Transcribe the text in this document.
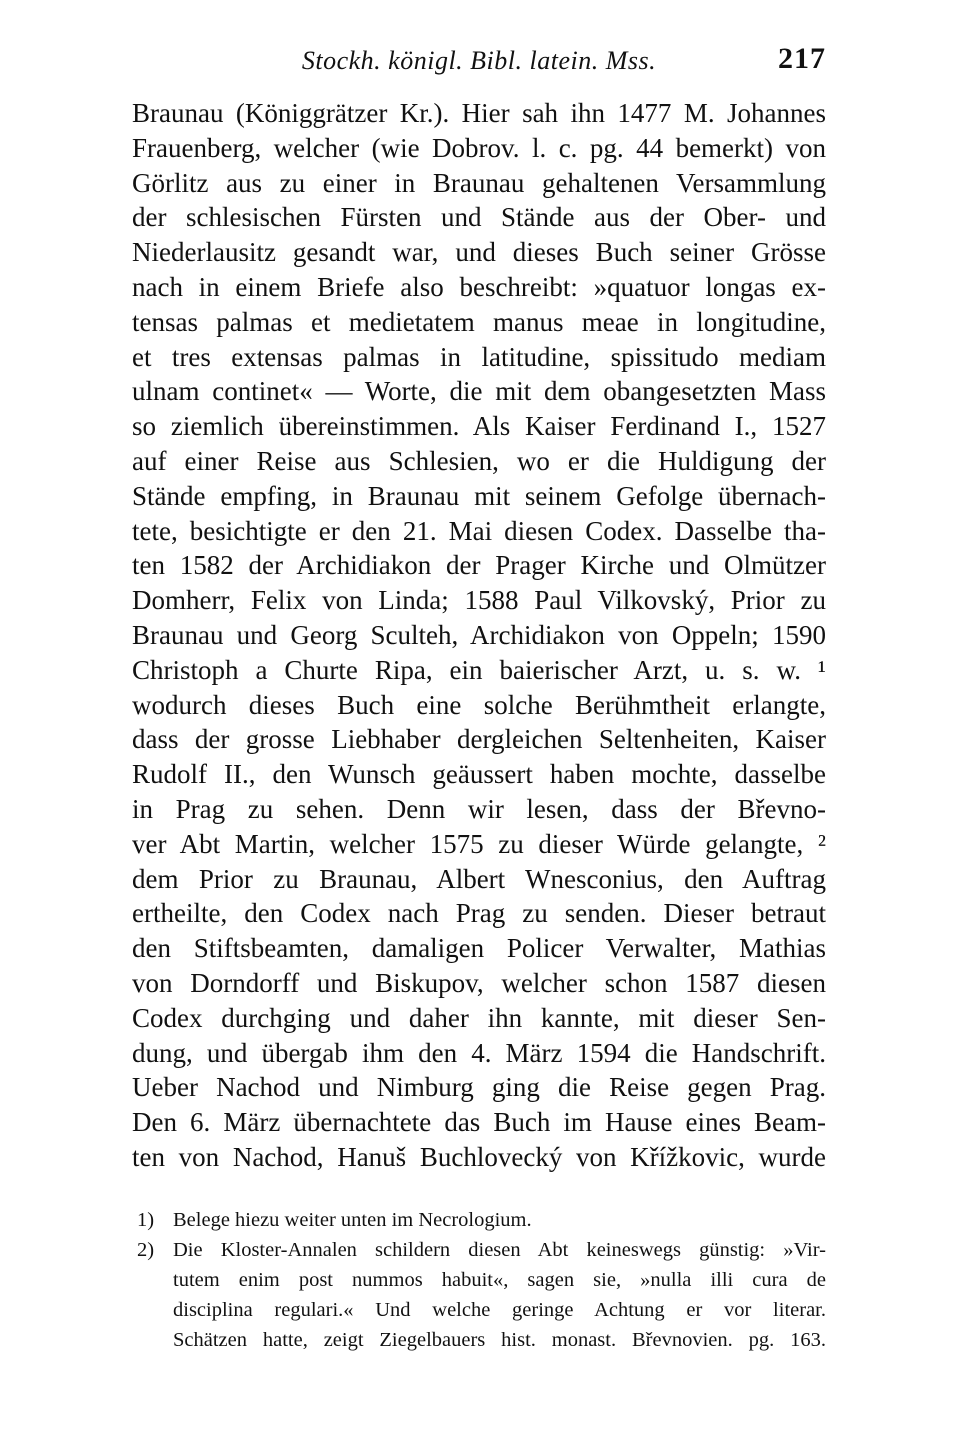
Stockh. königl. Bibl. latein. Mss.	217
Braunau (Königgrätzer Kr.). Hier sah ihn 1477 M. Johannes
Frauenberg, welcher (wie Dobrov. l. c. pg. 44 bemerkt) von
Görlitz aus zu einer in Braunau gehaltenen Versammlung
der schlesischen Fürsten und Stände aus der Ober- und
Niederlausitz gesandt war, und dieses Buch seiner Grösse
nach in einem Briefe also beschreibt: »quatuor longas ex-
tensas palmas et medietatem manus meae in longitudine,
et tres extensas palmas in latitudine, spissitudo mediam
ulnam continet« — Worte, die mit dem obangesetzten Mass
so ziemlich übereinstimmen. Als Kaiser Ferdinand I., 1527
auf einer Reise aus Schlesien, wo er die Huldigung der
Stände empfing, in Braunau mit seinem Gefolge übernach-
tete, besichtigte er den 21. Mai diesen Codex. Dasselbe tha-
ten 1582 der Archidiakon der Prager Kirche und Olmützer
Domherr, Felix von Linda; 1588 Paul Vilkovský, Prior zu
Braunau und Georg Sculteh, Archidiakon von Oppeln; 1590
Christoph a Churte Ripa, ein baierischer Arzt, u. s. w. ¹
wodurch dieses Buch eine solche Berühmtheit erlangte,
dass der grosse Liebhaber dergleichen Seltenheiten, Kaiser
Rudolf II., den Wunsch geäussert haben mochte, dasselbe
in Prag zu sehen. Denn wir lesen, dass der Břevno-
ver Abt Martin, welcher 1575 zu dieser Würde gelangte, ²
dem Prior zu Braunau, Albert Wnesconius, den Auftrag
ertheilte, den Codex nach Prag zu senden. Dieser betraut
den Stiftsbeamten, damaligen Policer Verwalter, Mathias
von Dorndorff und Biskupov, welcher schon 1587 diesen
Codex durchging und daher ihn kannte, mit dieser Sen-
dung, und übergab ihm den 4. März 1594 die Handschrift.
Ueber Nachod und Nimburg ging die Reise gegen Prag.
Den 6. März übernachtete das Buch im Hause eines Beam-
ten von Nachod, Hanuš Buchlovecký von Křížkovic, wurde
1) Belege hiezu weiter unten im Necrologium.
2) Die Kloster-Annalen schildern diesen Abt keineswegs günstig: »Vir-
tutem enim post nummos habuit«, sagen sie, »nulla illi cura de
disciplina regulari.« Und welche geringe Achtung er vor literar.
Schätzen hatte, zeigt Ziegelbauers hist. monast. Břevnovien. pg. 163.
